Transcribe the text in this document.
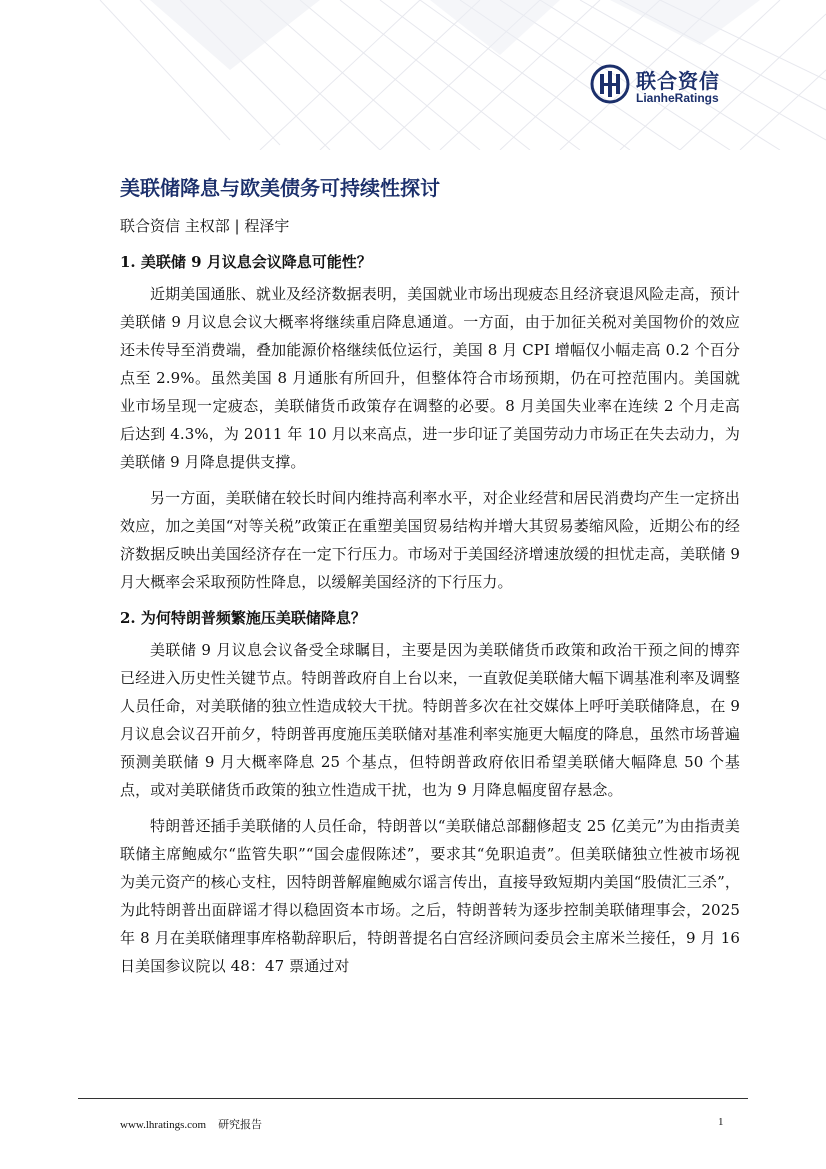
联合资信
LianheRatings
美联储降息与欧美债务可持续性探讨
联合资信 主权部 | 程泽宇
1. 美联储 9 月议息会议降息可能性？

近期美国通胀、就业及经济数据表明，美国就业市场出现疲态且经济衰退风险走高，预计美联储 9 月议息会议大概率将继续重启降息通道。一方面，由于加征关税对美国物价的效应还未传导至消费端，叠加能源价格继续低位运行，美国 8 月 CPI 增幅仅小幅走高 0.2 个百分点至 2.9%。虽然美国 8 月通胀有所回升，但整体符合市场预期，仍在可控范围内。美国就业市场呈现一定疲态，美联储货币政策存在调整的必要。8 月美国失业率在连续 2 个月走高后达到 4.3%，为 2011 年 10 月以来高点，进一步印证了美国劳动力市场正在失去动力，为美联储 9 月降息提供支撑。

另一方面，美联储在较长时间内维持高利率水平，对企业经营和居民消费均产生一定挤出效应，加之美国“对等关税”政策正在重塑美国贸易结构并增大其贸易萎缩风险，近期公布的经济数据反映出美国经济存在一定下行压力。市场对于美国经济增速放缓的担忧走高，美联储 9 月大概率会采取预防性降息，以缓解美国经济的下行压力。

2. 为何特朗普频繁施压美联储降息？

美联储 9 月议息会议备受全球瞩目，主要是因为美联储货币政策和政治干预之间的博弈已经进入历史性关键节点。特朗普政府自上台以来，一直敦促美联储大幅下调基准利率及调整人员任命，对美联储的独立性造成较大干扰。特朗普多次在社交媒体上呼吁美联储降息，在 9 月议息会议召开前夕，特朗普再度施压美联储对基准利率实施更大幅度的降息，虽然市场普遍预测美联储 9 月大概率降息 25 个基点，但特朗普政府依旧希望美联储大幅降息 50 个基点，或对美联储货币政策的独立性造成干扰，也为 9 月降息幅度留存悬念。

特朗普还插手美联储的人员任命，特朗普以“美联储总部翻修超支 25 亿美元”为由指责美联储主席鲍威尔“监管失职”“国会虚假陈述”，要求其“免职追责”。但美联储独立性被市场视为美元资产的核心支柱，因特朗普解雇鲍威尔谣言传出，直接导致短期内美国“股债汇三杀”，为此特朗普出面辟谣才得以稳固资本市场。之后，特朗普转为逐步控制美联储理事会，2025 年 8 月在美联储理事库格勒辞职后，特朗普提名白宫经济顾问委员会主席米兰接任，9 月 16 日美国参议院以 48：47 票通过对

www.lhratings.com 研究报告	1
